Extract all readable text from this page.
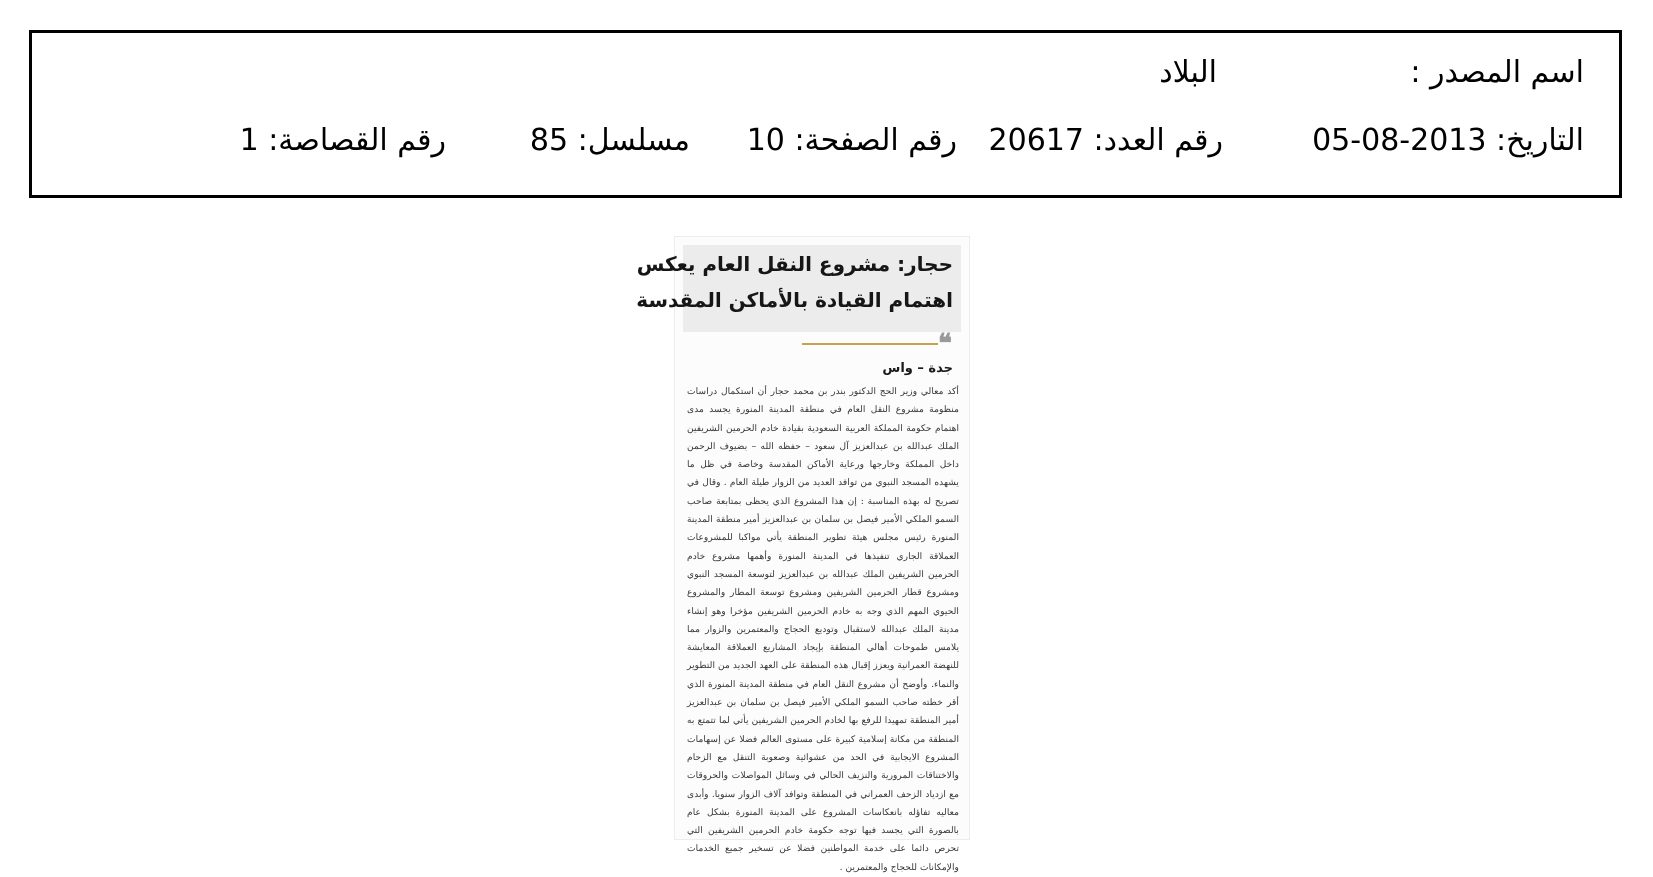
اسم المصدر :
البلاد
التاريخ: 2013-08-05
رقم العدد: 20617
رقم الصفحة: 10
مسلسل: 85
رقم القصاصة: 1
حجار: مشروع النقل العام يعكس
اهتمام القيادة بالأماكن المقدسة
❝
جدة – واس

أكد معالي وزير الحج الدكتور بندر بن محمد حجار أن استكمال دراسات منظومة مشروع النقل العام في منطقة المدينة المنورة يجسد مدى اهتمام حكومة المملكة العربية السعودية بقيادة خادم الحرمين الشريفين الملك عبدالله بن عبدالعزيز آل سعود – حفظه الله – بضيوف الرحمن داخل المملكة وخارجها ورعاية الأماكن المقدسة وخاصة في ظل ما يشهده المسجد النبوي من توافد العديد من الزوار طيلة العام . وقال في تصريح له بهذه المناسبة : إن هذا المشروع الذي يحظى بمتابعة صاحب السمو الملكي الأمير فيصل بن سلمان بن عبدالعزيز أمير منطقة المدينة المنورة رئيس مجلس هيئة تطوير المنطقة يأتي مواكبا للمشروعات العملاقة الجاري تنفيذها في المدينة المنورة وأهمها مشروع خادم الحرمين الشريفين الملك عبدالله بن عبدالعزيز لتوسعة المسجد النبوي ومشروع قطار الحرمين الشريفين ومشروع توسعة المطار والمشروع الحيوي المهم الذي وجه به خادم الحرمين الشريفين مؤخرا وهو إنشاء مدينة الملك عبدالله لاستقبال وتوديع الحجاج والمعتمرين والزوار مما يلامس طموحات أهالي المنطقة بإيجاد المشاريع العملاقة المعايشة للنهضة العمرانية ويعزز إقبال هذه المنطقة على العهد الجديد من التطوير والنماء. وأوضح أن مشروع النقل العام في منطقة المدينة المنورة الذي أقر خطته صاحب السمو الملكي الأمير فيصل بن سلمان بن عبدالعزيز أمير المنطقة تمهيدا للرفع بها لخادم الحرمين الشريفين يأتي لما تتمتع به المنطقة من مكانة إسلامية كبيرة على مستوى العالم فضلا عن إسهامات المشروع الايجابية في الحد من عشوائية وصعوبة التنقل مع الزحام والاختناقات المرورية والنزيف الحالي في وسائل المواصلات والحروقات مع ازدياد الزحف العمراني في المنطقة وتوافد آلاف الزوار سنويا. وأبدى معاليه تفاؤله بانعكاسات المشروع على المدينة المنورة بشكل عام بالصورة التي يجسد فيها توجه حكومة خادم الحرمين الشريفين التي تحرص دائما على خدمة المواطنين فضلا عن تسخير جميع الخدمات والإمكانات للحجاج والمعتمرين .
